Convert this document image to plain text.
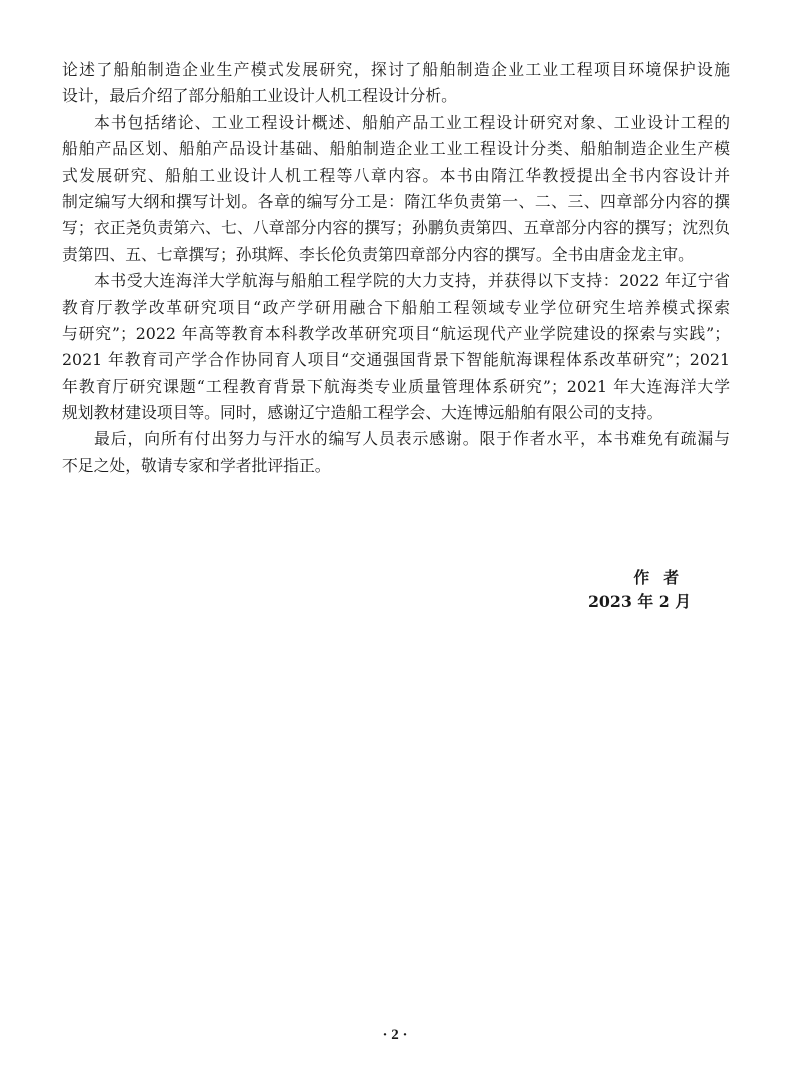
论述了船舶制造企业生产模式发展研究，探讨了船舶制造企业工业工程项目环境保护设施
设计，最后介绍了部分船舶工业设计人机工程设计分析。
本书包括绪论、工业工程设计概述、船舶产品工业工程设计研究对象、工业设计工程的
船舶产品区划、船舶产品设计基础、船舶制造企业工业工程设计分类、船舶制造企业生产模
式发展研究、船舶工业设计人机工程等八章内容。本书由隋江华教授提出全书内容设计并
制定编写大纲和撰写计划。各章的编写分工是：隋江华负责第一、二、三、四章部分内容的撰
写；衣正尧负责第六、七、八章部分内容的撰写；孙鹏负责第四、五章部分内容的撰写；沈烈负
责第四、五、七章撰写；孙琪辉、李长伦负责第四章部分内容的撰写。全书由唐金龙主审。
本书受大连海洋大学航海与船舶工程学院的大力支持，并获得以下支持：2022 年辽宁省
教育厅教学改革研究项目“政产学研用融合下船舶工程领域专业学位研究生培养模式探索
与研究”；2022 年高等教育本科教学改革研究项目“航运现代产业学院建设的探索与实践”；
2021 年教育司产学合作协同育人项目“交通强国背景下智能航海课程体系改革研究”；2021
年教育厅研究课题“工程教育背景下航海类专业质量管理体系研究”；2021 年大连海洋大学
规划教材建设项目等。同时，感谢辽宁造船工程学会、大连博远船舶有限公司的支持。
最后，向所有付出努力与汗水的编写人员表示感谢。限于作者水平，本书难免有疏漏与
不足之处，敬请专家和学者批评指正。
作者
2023 年 2 月
· 2 ·
